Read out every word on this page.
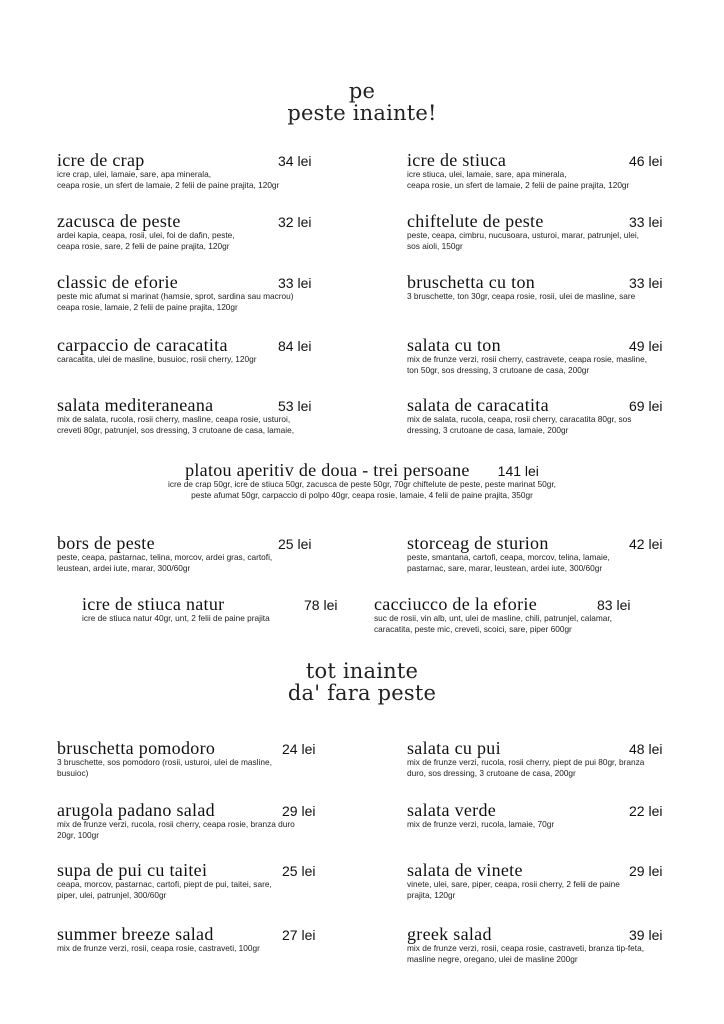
pe
peste inainte!
icre de crap	34 lei
icre crap, ulei, lamaie, sare, apa minerala,
ceapa rosie, un sfert de lamaie, 2 felii de paine prajita, 120gr
icre de stiuca	46 lei
icre stiuca, ulei, lamaie, sare, apa minerala,
ceapa rosie, un sfert de lamaie, 2 felii de paine prajita, 120gr
zacusca de peste	32 lei
ardei kapia, ceapa, rosii, ulei, foi de dafin, peste,
ceapa rosie, sare, 2 felii de paine prajita, 120gr
chiftelute de peste	33 lei
peste, ceapa, cimbru, nucusoara, usturoi, marar, patrunjel, ulei,
sos aioli, 150gr
classic de eforie	33 lei
peste mic afumat si marinat (hamsie, sprot, sardina sau macrou)
ceapa rosie, lamaie, 2 felii de paine prajita, 120gr
bruschetta cu ton	33 lei
3 bruschette, ton 30gr, ceapa rosie, rosii, ulei de masline, sare
carpaccio de caracatita	84 lei
caracatita, ulei de masline, busuioc, rosii cherry, 120gr
salata cu ton	49 lei
mix de frunze verzi, rosii cherry, castravete, ceapa rosie, masline,
ton 50gr, sos dressing, 3 crutoane de casa, 200gr
salata mediteraneana	53 lei
mix de salata, rucola, rosii cherry, masline, ceapa rosie, usturoi,
creveti 80gr, patrunjel, sos dressing, 3 crutoane de casa, lamaie,
salata de caracatita	69 lei
mix de salata, rucola, ceapa, rosii cherry, caracatita 80gr, sos
dressing, 3 crutoane de casa, lamaie, 200gr
platou aperitiv de doua - trei persoane 141 lei
icre de crap 50gr, icre de stiuca 50gr, zacusca de peste 50gr, 70gr chiftelute de peste, peste marinat 50gr,
peste afumat 50gr, carpaccio di polpo 40gr, ceapa rosie, lamaie, 4 felii de paine prajita, 350gr
bors de peste	25 lei
peste, ceapa, pastarnac, telina, morcov, ardei gras, cartofi,
leustean, ardei iute, marar, 300/60gr
storceag de sturion	42 lei
peste, smantana, cartofi, ceapa, morcov, telina, lamaie,
pastarnac, sare, marar, leustean, ardei iute, 300/60gr
icre de stiuca natur	78 lei
icre de stiuca natur 40gr, unt, 2 felii de paine prajita
cacciucco de la eforie	83 lei
suc de rosii, vin alb, unt, ulei de masline, chili, patrunjel, calamar,
caracatita, peste mic, creveti, scoici, sare, piper 600gr
tot inainte
da' fara peste
bruschetta pomodoro	24 lei
3 bruschette, sos pomodoro (rosii, usturoi, ulei de masline,
busuioc)
salata cu pui	48 lei
mix de frunze verzi, rucola, rosii cherry, piept de pui 80gr, branza
duro, sos dressing, 3 crutoane de casa, 200gr
arugola padano salad	29 lei
mix de frunze verzi, rucola, rosii cherry, ceapa rosie, branza duro
20gr, 100gr
salata verde	22 lei
mix de frunze verzi, rucola, lamaie, 70gr
supa de pui cu taitei	25 lei
ceapa, morcov, pastarnac, cartofi, piept de pui, taitei, sare,
piper, ulei, patrunjel, 300/60gr
salata de vinete	29 lei
vinete, ulei, sare, piper, ceapa, rosii cherry, 2 felii de paine
prajita, 120gr
summer breeze salad	27 lei
mix de frunze verzi, rosii, ceapa rosie, castraveti, 100gr
greek salad	39 lei
mix de frunze verzi, rosii, ceapa rosie, castraveti, branza tip-feta,
masline negre, oregano, ulei de masline 200gr
